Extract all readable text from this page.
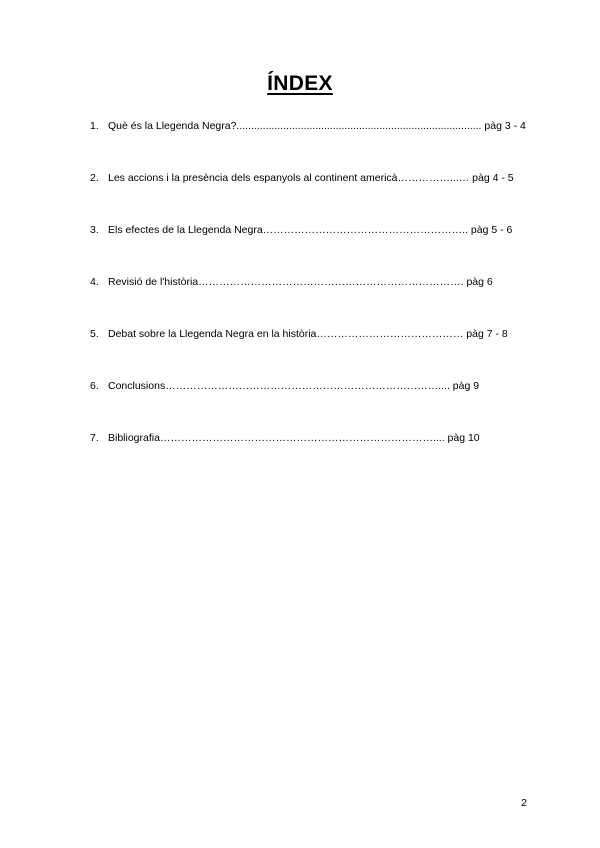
ÍNDEX
1. Què és la Llegenda Negra?.................................................................................... pàg 3 - 4
2. Les accions i la presència dels espanyols al continent americà……………...… pàg 4 - 5
3. Els efectes de la Llegenda Negra………………………………………………….. pàg 5 - 6
4. Revisió de l'història…………………………………………………………………. pàg 6
5. Debat sobre la Llegenda Negra en la història…………………………………… pàg 7 - 8
6. Conclusions…………………………………………………………………….... pàg 9
7. Bibliografia…………………………………………………………………….... pàg 10
2
